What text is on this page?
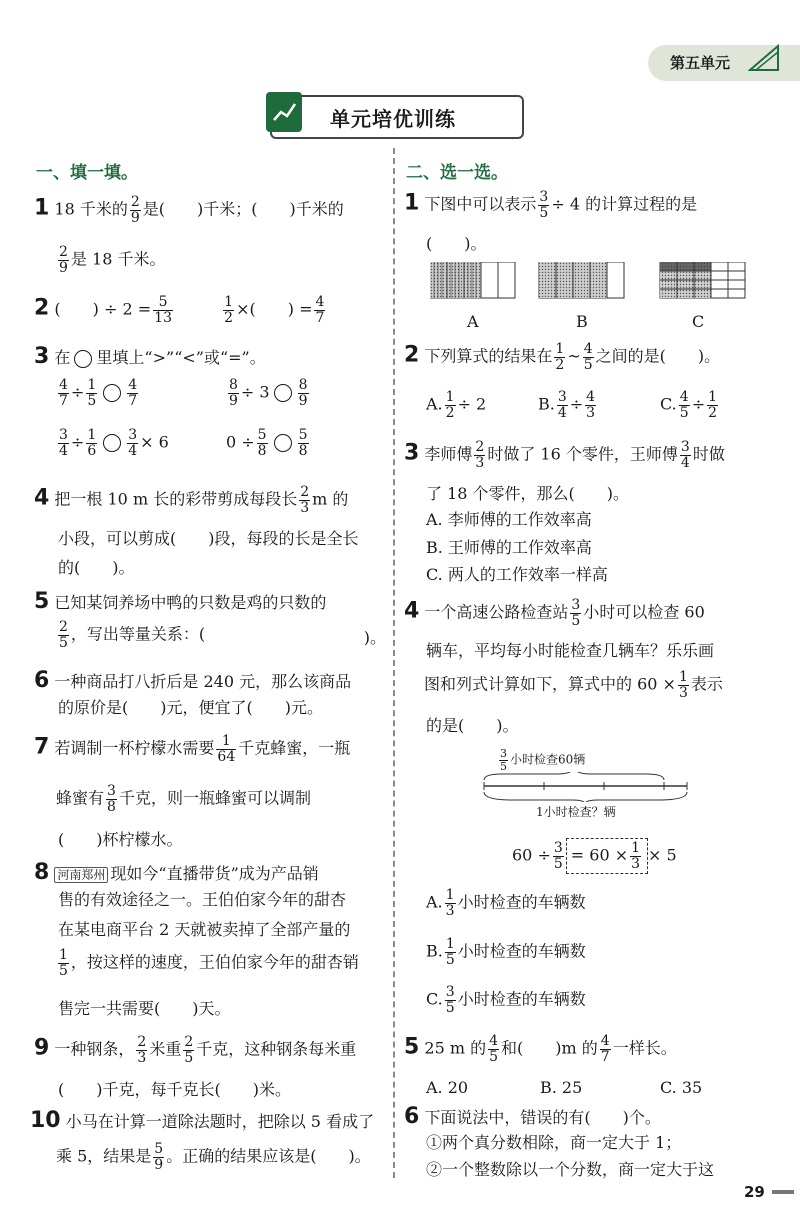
第五单元
单元培优训练
一、填一填。
1 18 千米的 $\frac{2}{9}$ 是(　　)千米；(　　)千米的
$\frac{2}{9}$ 是 18 千米。
2 (　　) ÷ $2 = \frac{5}{13}$
	$\frac{1}{2}$ ×(　　) = $\frac{4}{7}$
3 在 里填上“>”“<”或“=”。
$\frac{4}{7} \div \frac{1}{5} \frac{4}{7}$	$\frac{8}{9} \div 3 \frac{8}{9}$
$\frac{3}{4} \div \frac{1}{6} \frac{3}{4} \times 6$	$0 \div \frac{5}{8} \frac{5}{8}$
4 把一根 10 m 长的彩带剪成每段长 $\frac{2}{3}$ m 的
小段，可以剪成(　　)段，每段的长是全长
的(　　)。
5 已知某饲养场中鸭的只数是鸡的只数的
$\frac{2}{5}$ ，写出等量关系：(	)。
6 一种商品打八折后是 240 元，那么该商品
的原价是(　　)元，便宜了(　　)元。
7 若调制一杯柠檬水需要 $\frac{1}{64}$ 千克蜂蜜，一瓶
蜂蜜有 $\frac{3}{8}$ 千克，则一瓶蜂蜜可以调制
(　　)杯柠檬水。
8 河南郑州 现如今“直播带货”成为产品销
售的有效途径之一。王伯伯家今年的甜杏
在某电商平台 2 天就被卖掉了全部产量的
$\frac{1}{5}$ ，按这样的速度，王伯伯家今年的甜杏销
售完一共需要(　　)天。
9 一种钢条， $\frac{2}{3}$ 米重 $\frac{2}{5}$ 千克，这种钢条每米重
(　　)千克，每千克长(　　)米。
10 小马在计算一道除法题时，把除以 5 看成了
乘 5，结果是 $\frac{5}{9}$ 。正确的结果应该是(　　)。
二、选一选。
1 下图中可以表示 $\frac{3}{5} \div 4$ 的计算过程的是
(　　)。
A	B	C
2 下列算式的结果在 $\frac{1}{2}$ ~ $\frac{4}{5}$ 之间的是(　　)。
A. $\frac{1}{2} \div 2$	B. $\frac{3}{4} \div \frac{4}{3}$	C. $\frac{4}{5} \div \frac{1}{2}$
3 李师傅 $\frac{2}{3}$ 时做了 16 个零件，王师傅 $\frac{3}{4}$ 时做
了 18 个零件，那么(　　)。
A. 李师傅的工作效率高
B. 王师傅的工作效率高
C. 两人的工作效率一样高
4 一个高速公路检查站 $\frac{3}{5}$ 小时可以检查 60
辆车，平均每小时能检查几辆车？乐乐画
图和列式计算如下，算式中的 $60 \times \frac{1}{3}$ 表示
的是(　　)。
$\frac{3}{5}$ 小时检查60辆
1小时检查？辆
$60 \div \frac{3}{5} = 60 \times \frac{1}{3} \times 5$
A. $\frac{1}{3}$ 小时检查的车辆数
B. $\frac{1}{5}$ 小时检查的车辆数
C. $\frac{3}{5}$ 小时检查的车辆数
5 25 m 的 $\frac{4}{5}$ 和(　　)m 的 $\frac{4}{7}$ 一样长。
A. 20	B. 25	C. 35
6 下面说法中，错误的有(　　)个。
①两个真分数相除，商一定大于 1；
②一个整数除以一个分数，商一定大于这
29
